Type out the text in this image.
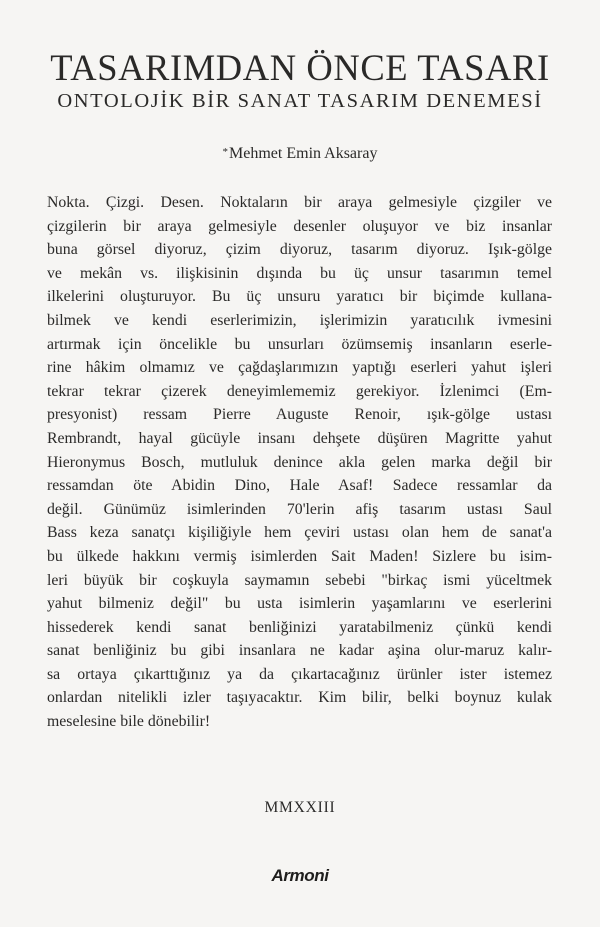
TASARIMDAN ÖNCE TASARI
ONTOLOJİK BİR SANAT TASARIM DENEMESİ
*Mehmet Emin Aksaray
Nokta. Çizgi. Desen. Noktaların bir araya gelmesiyle çizgiler ve
çizgilerin bir araya gelmesiyle desenler oluşuyor ve biz insanlar
buna görsel diyoruz, çizim diyoruz, tasarım diyoruz. Işık-gölge
ve mekân vs. ilişkisinin dışında bu üç unsur tasarımın temel
ilkelerini oluşturuyor. Bu üç unsuru yaratıcı bir biçimde kullana-
bilmek ve kendi eserlerimizin, işlerimizin yaratıcılık ivmesini
artırmak için öncelikle bu unsurları özümsemiş insanların eserle-
rine hâkim olmamız ve çağdaşlarımızın yaptığı eserleri yahut işleri
tekrar tekrar çizerek deneyimlememiz gerekiyor. İzlenimci (Em-
presyonist) ressam Pierre Auguste Renoir, ışık-gölge ustası
Rembrandt, hayal gücüyle insanı dehşete düşüren Magritte yahut
Hieronymus Bosch, mutluluk denince akla gelen marka değil bir
ressamdan öte Abidin Dino, Hale Asaf! Sadece ressamlar da
değil. Günümüz isimlerinden 70'lerin afiş tasarım ustası Saul
Bass keza sanatçı kişiliğiyle hem çeviri ustası olan hem de sanat'a
bu ülkede hakkını vermiş isimlerden Sait Maden! Sizlere bu isim-
leri büyük bir coşkuyla saymamın sebebi "birkaç ismi yüceltmek
yahut bilmeniz değil" bu usta isimlerin yaşamlarını ve eserlerini
hissederek kendi sanat benliğinizi yaratabilmeniz çünkü kendi
sanat benliğiniz bu gibi insanlara ne kadar aşina olur-maruz kalır-
sa ortaya çıkarttığınız ya da çıkartacağınız ürünler ister istemez
onlardan nitelikli izler taşıyacaktır. Kim bilir, belki boynuz kulak
meselesine bile dönebilir!
MMXXIII
Armoni
